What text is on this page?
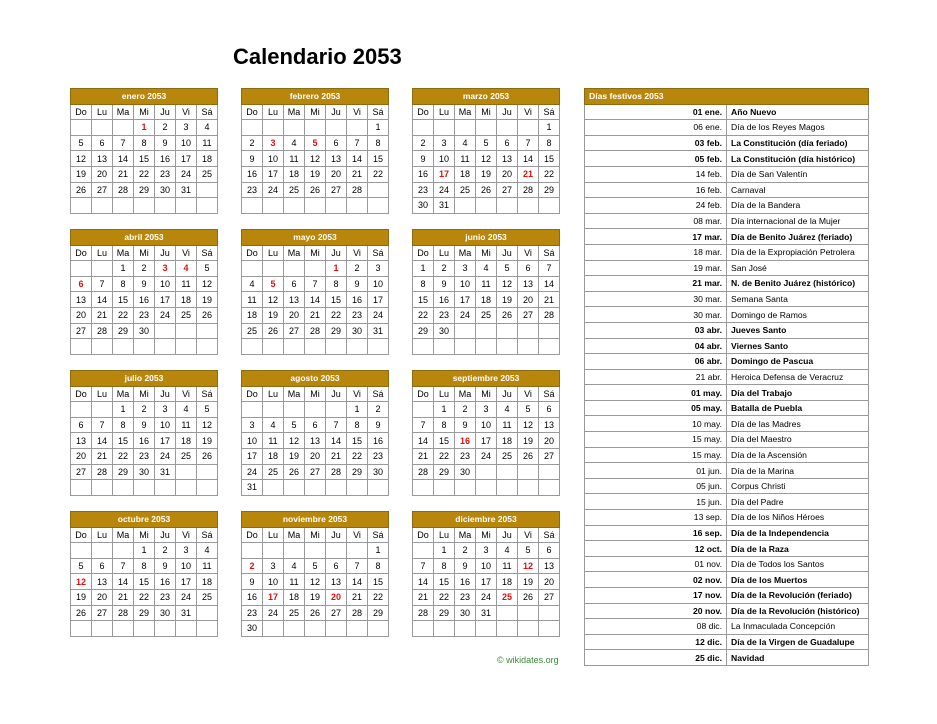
Calendario 2053
enero 2053						
Do	Lu	Ma	Mi	Ju	Vi	Sá
			1	2	3	4
5	6	7	8	9	10	11
12	13	14	15	16	17	18
19	20	21	22	23	24	25
26	27	28	29	30	31	

febrero 2053						
Do	Lu	Ma	Mi	Ju	Vi	Sá
						1
2	3	4	5	6	7	8
9	10	11	12	13	14	15
16	17	18	19	20	21	22
23	24	25	26	27	28	

marzo 2053						
Do	Lu	Ma	Mi	Ju	Vi	Sá
						1
2	3	4	5	6	7	8
9	10	11	12	13	14	15
16	17	18	19	20	21	22
23	24	25	26	27	28	29
30	31					
abril 2053						
Do	Lu	Ma	Mi	Ju	Vi	Sá
		1	2	3	4	5
6	7	8	9	10	11	12
13	14	15	16	17	18	19
20	21	22	23	24	25	26
27	28	29	30			

mayo 2053						
Do	Lu	Ma	Mi	Ju	Vi	Sá
				1	2	3
4	5	6	7	8	9	10
11	12	13	14	15	16	17
18	19	20	21	22	23	24
25	26	27	28	29	30	31

junio 2053						
Do	Lu	Ma	Mi	Ju	Vi	Sá
1	2	3	4	5	6	7
8	9	10	11	12	13	14
15	16	17	18	19	20	21
22	23	24	25	26	27	28
29	30					

julio 2053						
Do	Lu	Ma	Mi	Ju	Vi	Sá
		1	2	3	4	5
6	7	8	9	10	11	12
13	14	15	16	17	18	19
20	21	22	23	24	25	26
27	28	29	30	31		

agosto 2053						
Do	Lu	Ma	Mi	Ju	Vi	Sá
					1	2
3	4	5	6	7	8	9
10	11	12	13	14	15	16
17	18	19	20	21	22	23
24	25	26	27	28	29	30
31						
septiembre 2053						
Do	Lu	Ma	Mi	Ju	Vi	Sá
	1	2	3	4	5	6
7	8	9	10	11	12	13
14	15	16	17	18	19	20
21	22	23	24	25	26	27
28	29	30				

octubre 2053						
Do	Lu	Ma	Mi	Ju	Vi	Sá
			1	2	3	4
5	6	7	8	9	10	11
12	13	14	15	16	17	18
19	20	21	22	23	24	25
26	27	28	29	30	31	

noviembre 2053						
Do	Lu	Ma	Mi	Ju	Vi	Sá
						1
2	3	4	5	6	7	8
9	10	11	12	13	14	15
16	17	18	19	20	21	22
23	24	25	26	27	28	29
30						
diciembre 2053						
Do	Lu	Ma	Mi	Ju	Vi	Sá
	1	2	3	4	5	6
7	8	9	10	11	12	13
14	15	16	17	18	19	20
21	22	23	24	25	26	27
28	29	30	31			

Días festivos 2053	
01 ene.	Año Nuevo
06 ene.	Día de los Reyes Magos
03 feb.	La Constitución (día feriado)
05 feb.	La Constitución (día histórico)
14 feb.	Día de San Valentín
16 feb.	Carnaval
24 feb.	Día de la Bandera
08 mar.	Día internacional de la Mujer
17 mar.	Día de Benito Juárez (feriado)
18 mar.	Día de la Expropiación Petrolera
19 mar.	San José
21 mar.	N. de Benito Juárez (histórico)
30 mar.	Semana Santa
30 mar.	Domingo de Ramos
03 abr.	Jueves Santo
04 abr.	Viernes Santo
06 abr.	Domingo de Pascua
21 abr.	Heroica Defensa de Veracruz
01 may.	Día del Trabajo
05 may.	Batalla de Puebla
10 may.	Día de las Madres
15 may.	Día del Maestro
15 may.	Día de la Ascensión
01 jun.	Día de la Marina
05 jun.	Corpus Christi
15 jun.	Día del Padre
13 sep.	Día de los Niños Héroes
16 sep.	Día de la Independencia
12 oct.	Día de la Raza
01 nov.	Día de Todos los Santos
02 nov.	Día de los Muertos
17 nov.	Día de la Revolución (feriado)
20 nov.	Día de la Revolución (histórico)
08 dic.	La Inmaculada Concepción
12 dic.	Día de la Virgen de Guadalupe
25 dic.	Navidad
© wikidates.org
